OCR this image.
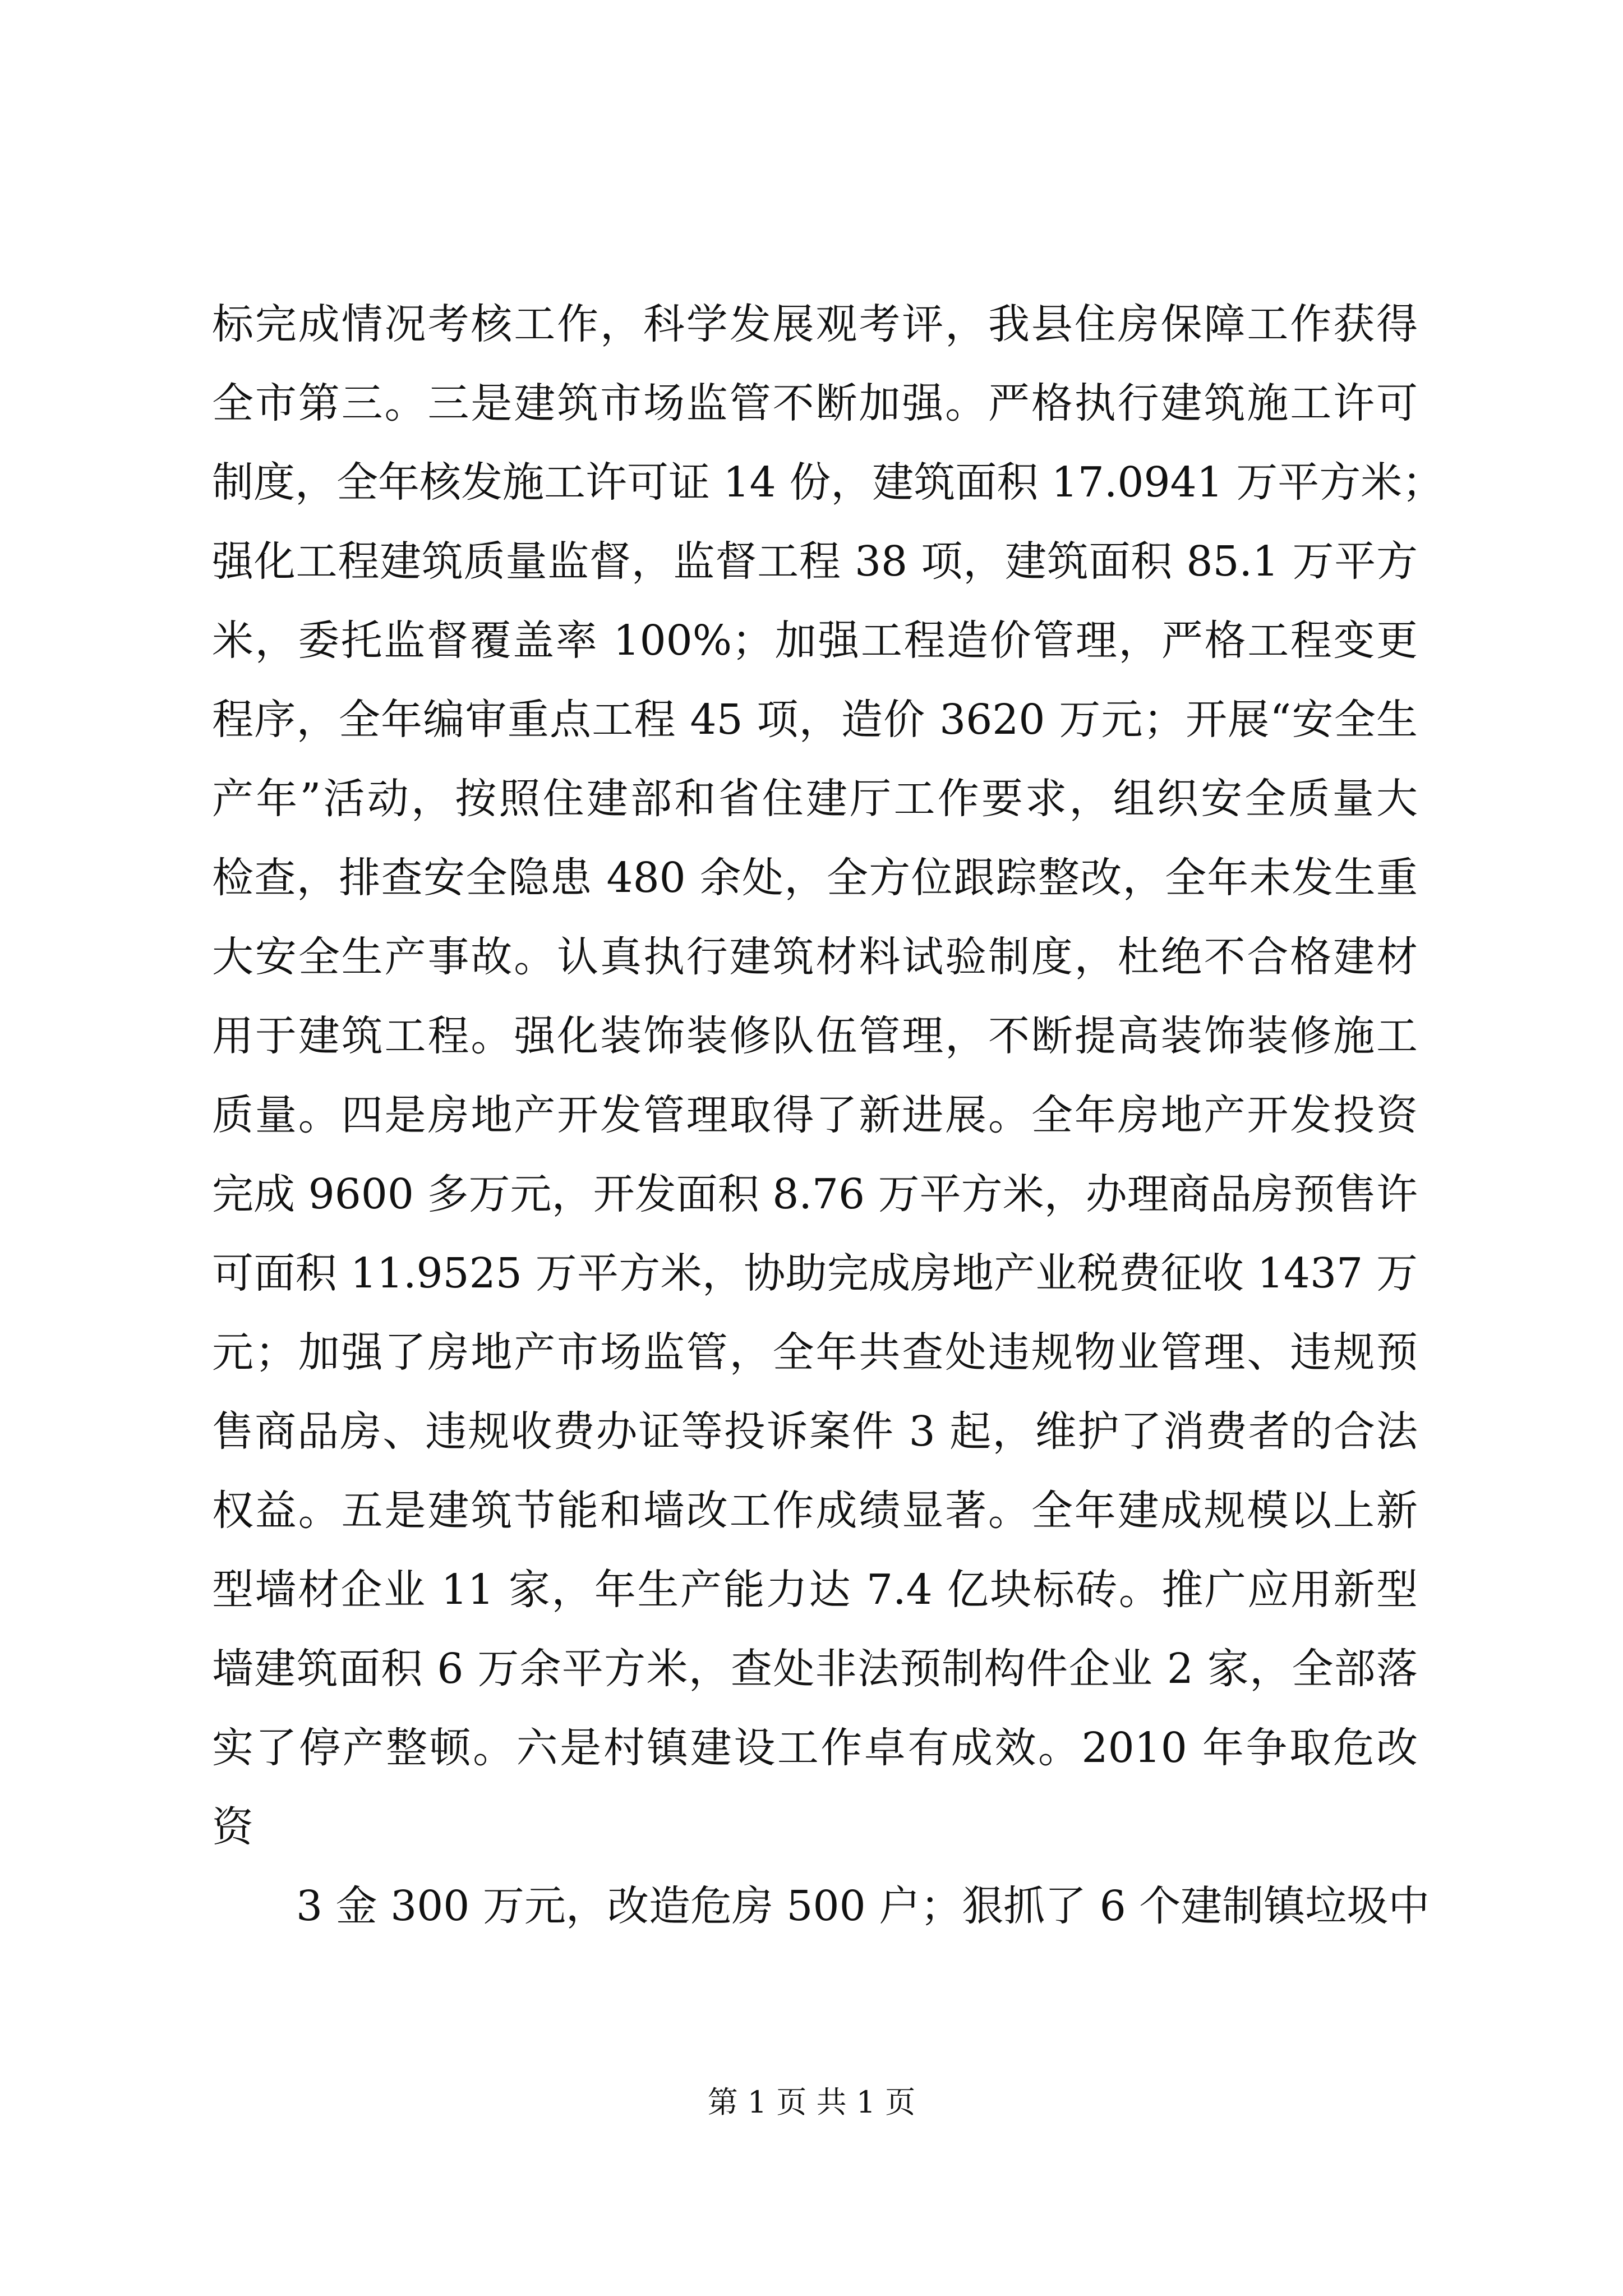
标完成情况考核工作，科学发展观考评，我县住房保障工作获得
全市第三。三是建筑市场监管不断加强。严格执行建筑施工许可
制度，全年核发施工许可证 14 份，建筑面积 17.0941 万平方米；
强化工程建筑质量监督，监督工程 38 项，建筑面积 85.1 万平方
米，委托监督覆盖率 100%；加强工程造价管理，严格工程变更
程序，全年编审重点工程 45 项，造价 3620 万元；开展“安全生
产年”活动，按照住建部和省住建厅工作要求，组织安全质量大
检查，排查安全隐患 480 余处，全方位跟踪整改，全年未发生重
大安全生产事故。认真执行建筑材料试验制度，杜绝不合格建材
用于建筑工程。强化装饰装修队伍管理，不断提高装饰装修施工
质量。四是房地产开发管理取得了新进展。全年房地产开发投资
完成 9600 多万元，开发面积 8.76 万平方米，办理商品房预售许
可面积 11.9525 万平方米，协助完成房地产业税费征收 1437 万
元；加强了房地产市场监管，全年共查处违规物业管理、违规预
售商品房、违规收费办证等投诉案件 3 起，维护了消费者的合法
权益。五是建筑节能和墙改工作成绩显著。全年建成规模以上新
型墙材企业 11 家，年生产能力达 7.4 亿块标砖。推广应用新型
墙建筑面积 6 万余平方米，查处非法预制构件企业 2 家，全部落
实了停产整顿。六是村镇建设工作卓有成效。2010 年争取危改
资
3 金 300 万元，改造危房 500 户；狠抓了 6 个建制镇垃圾中
第 1 页 共 1 页
